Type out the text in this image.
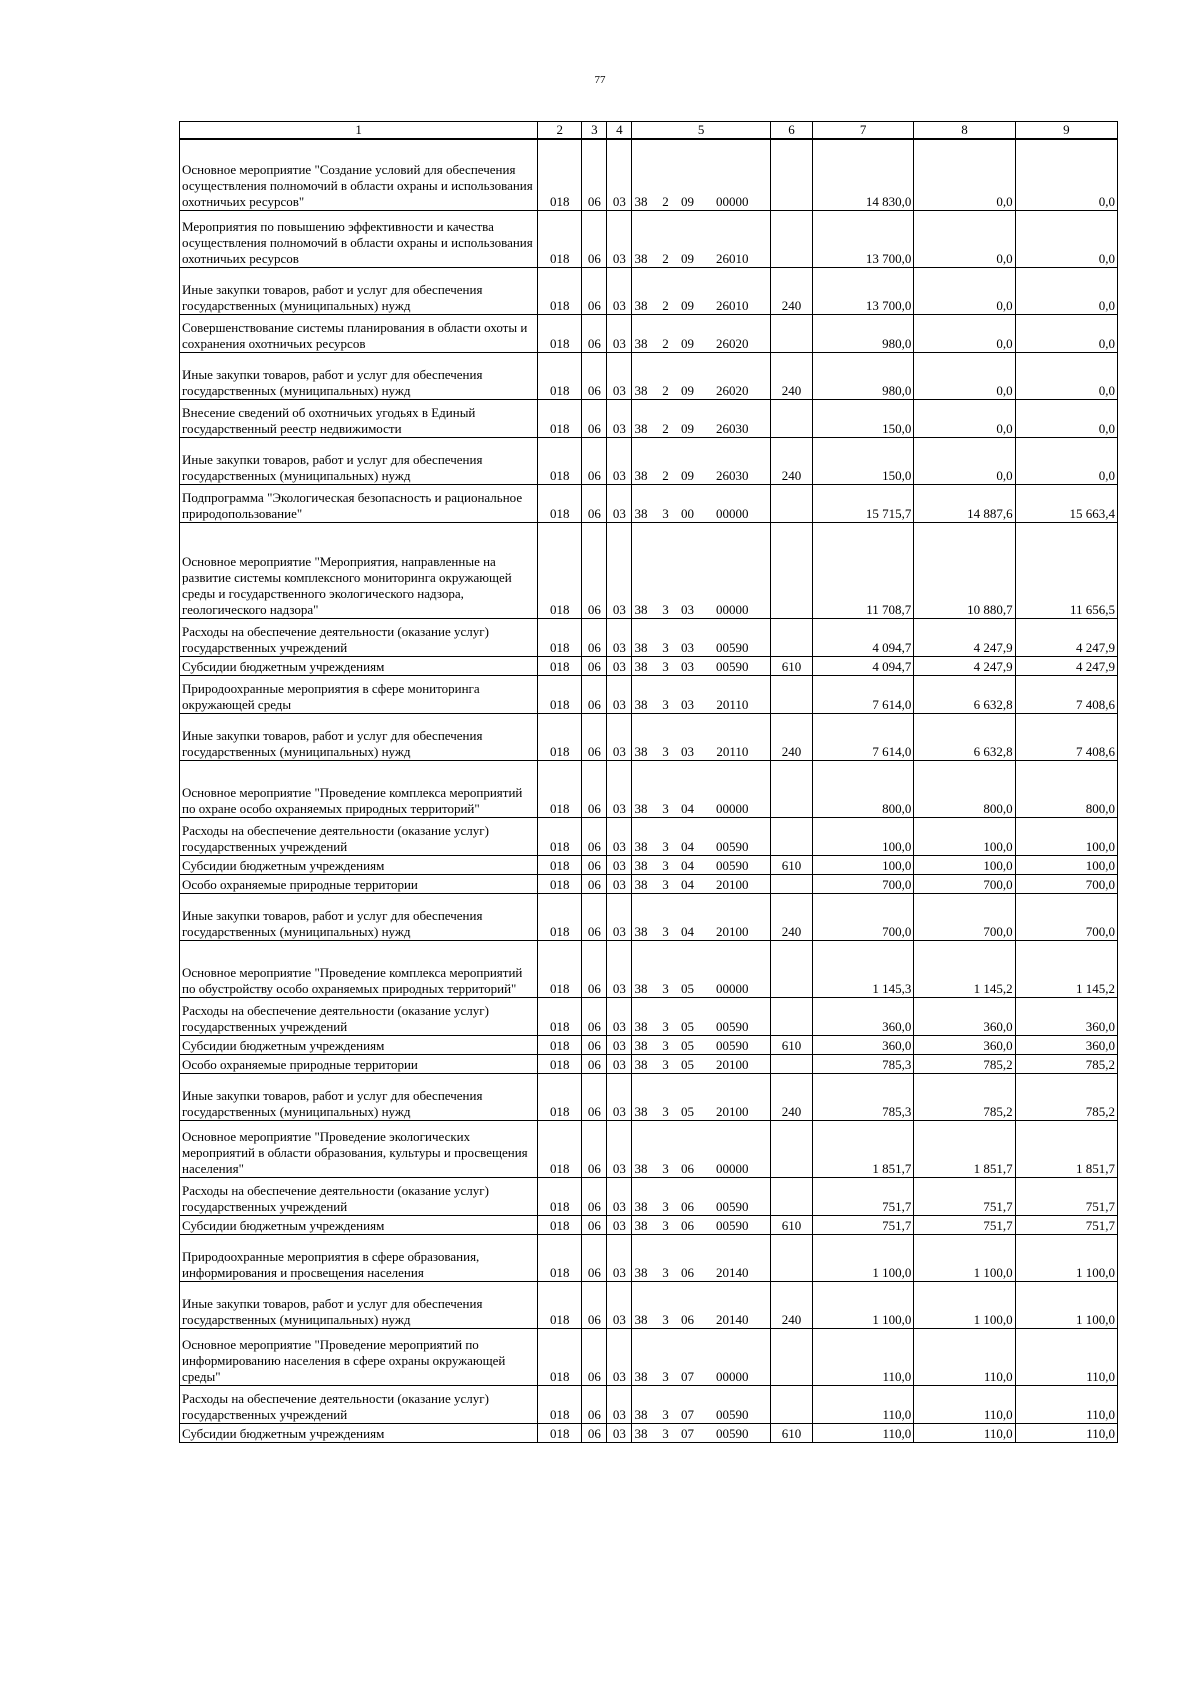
77
1	2	3	4	5	6	7	8	9
Основное мероприятие "Создание условий для обеспечения осуществления полномочий в области охраны и использования охотничьих ресурсов"	018	06	03	38 2 09 00000		14 830,0	0,0	0,0
Мероприятия по повышению эффективности и качества осуществления полномочий в области охраны и использования охотничьих ресурсов	018	06	03	38 2 09 26010		13 700,0	0,0	0,0
Иные закупки товаров, работ и услуг для обеспечения государственных (муниципальных) нужд	018	06	03	38 2 09 26010	240	13 700,0	0,0	0,0
Совершенствование системы планирования в области охоты и сохранения охотничьих ресурсов	018	06	03	38 2 09 26020		980,0	0,0	0,0
Иные закупки товаров, работ и услуг для обеспечения государственных (муниципальных) нужд	018	06	03	38 2 09 26020	240	980,0	0,0	0,0
Внесение сведений об охотничьих угодьях в Единый государственный реестр недвижимости	018	06	03	38 2 09 26030		150,0	0,0	0,0
Иные закупки товаров, работ и услуг для обеспечения государственных (муниципальных) нужд	018	06	03	38 2 09 26030	240	150,0	0,0	0,0
Подпрограмма "Экологическая безопасность и рациональное природопользование"	018	06	03	38 3 00 00000		15 715,7	14 887,6	15 663,4
Основное мероприятие "Мероприятия, направленные на развитие системы комплексного мониторинга окружающей среды и государственного экологического надзора, геологического надзора"	018	06	03	38 3 03 00000		11 708,7	10 880,7	11 656,5
Расходы на обеспечение деятельности (оказание услуг) государственных учреждений	018	06	03	38 3 03 00590		4 094,7	4 247,9	4 247,9
Субсидии бюджетным учреждениям	018	06	03	38 3 03 00590	610	4 094,7	4 247,9	4 247,9
Природоохранные мероприятия в сфере мониторинга окружающей среды	018	06	03	38 3 03 20110		7 614,0	6 632,8	7 408,6
Иные закупки товаров, работ и услуг для обеспечения государственных (муниципальных) нужд	018	06	03	38 3 03 20110	240	7 614,0	6 632,8	7 408,6
Основное мероприятие "Проведение комплекса мероприятий по охране особо охраняемых природных территорий"	018	06	03	38 3 04 00000		800,0	800,0	800,0
Расходы на обеспечение деятельности (оказание услуг) государственных учреждений	018	06	03	38 3 04 00590		100,0	100,0	100,0
Субсидии бюджетным учреждениям	018	06	03	38 3 04 00590	610	100,0	100,0	100,0
Особо охраняемые природные территории	018	06	03	38 3 04 20100		700,0	700,0	700,0
Иные закупки товаров, работ и услуг для обеспечения государственных (муниципальных) нужд	018	06	03	38 3 04 20100	240	700,0	700,0	700,0
Основное мероприятие "Проведение комплекса мероприятий по обустройству особо охраняемых природных территорий"	018	06	03	38 3 05 00000		1 145,3	1 145,2	1 145,2
Расходы на обеспечение деятельности (оказание услуг) государственных учреждений	018	06	03	38 3 05 00590		360,0	360,0	360,0
Субсидии бюджетным учреждениям	018	06	03	38 3 05 00590	610	360,0	360,0	360,0
Особо охраняемые природные территории	018	06	03	38 3 05 20100		785,3	785,2	785,2
Иные закупки товаров, работ и услуг для обеспечения государственных (муниципальных) нужд	018	06	03	38 3 05 20100	240	785,3	785,2	785,2
Основное мероприятие "Проведение экологических мероприятий в области образования, культуры и просвещения населения"	018	06	03	38 3 06 00000		1 851,7	1 851,7	1 851,7
Расходы на обеспечение деятельности (оказание услуг) государственных учреждений	018	06	03	38 3 06 00590		751,7	751,7	751,7
Субсидии бюджетным учреждениям	018	06	03	38 3 06 00590	610	751,7	751,7	751,7
Природоохранные мероприятия в сфере образования, информирования и просвещения населения	018	06	03	38 3 06 20140		1 100,0	1 100,0	1 100,0
Иные закупки товаров, работ и услуг для обеспечения государственных (муниципальных) нужд	018	06	03	38 3 06 20140	240	1 100,0	1 100,0	1 100,0
Основное мероприятие "Проведение мероприятий по информированию населения в сфере охраны окружающей среды"	018	06	03	38 3 07 00000		110,0	110,0	110,0
Расходы на обеспечение деятельности (оказание услуг) государственных учреждений	018	06	03	38 3 07 00590		110,0	110,0	110,0
Субсидии бюджетным учреждениям	018	06	03	38 3 07 00590	610	110,0	110,0	110,0
